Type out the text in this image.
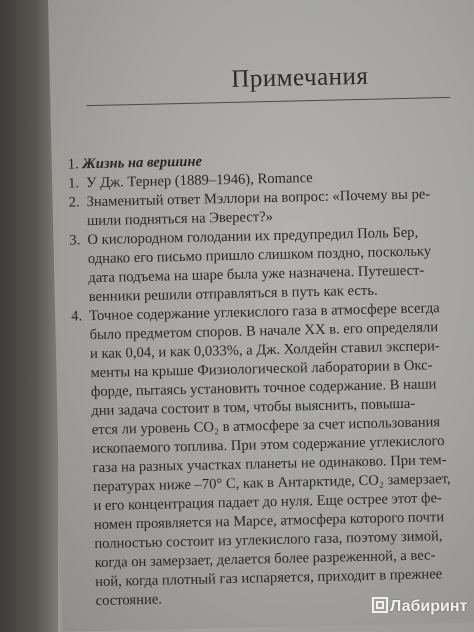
Примечания
1. Жизнь на вершине
1. У Дж. Тернер (1889–1946), Romance
2. Знаменитый ответ Мэллори на вопрос: «Почему вы ре-
шили подняться на Эверест?»
3. О кислородном голодании их предупредил Поль Бер,
однако его письмо пришло слишком поздно, поскольку
дата подъема на шаре была уже назначена. Путешест-
венники решили отправляться в путь как есть.
4. Точное содержание углекислого газа в атмосфере всегда
было предметом споров. В начале XX в. его определяли
и как 0,04, и как 0,033%, а Дж. Холдейн ставил экспери-
менты на крыше Физиологической лаборатории в Окс-
форде, пытаясь установить точное содержание. В наши
дни задача состоит в том, чтобы выяснить, повыша-
ется ли уровень CO₂ в атмосфере за счет использования
ископаемого топлива. При этом содержание углекислого
газа на разных участках планеты не одинаково. При тем-
пературах ниже –70° С, как в Антарктиде, CO₂ замерзает,
и его концентрация падает до нуля. Еще острее этот фе-
номен проявляется на Марсе, атмосфера которого почти
полностью состоит из углекислого газа, поэтому зимой,
когда он замерзает, делается более разреженной, а вес-
ной, когда плотный газ испаряется, приходит в прежнее
состояние.	Лабиринт
